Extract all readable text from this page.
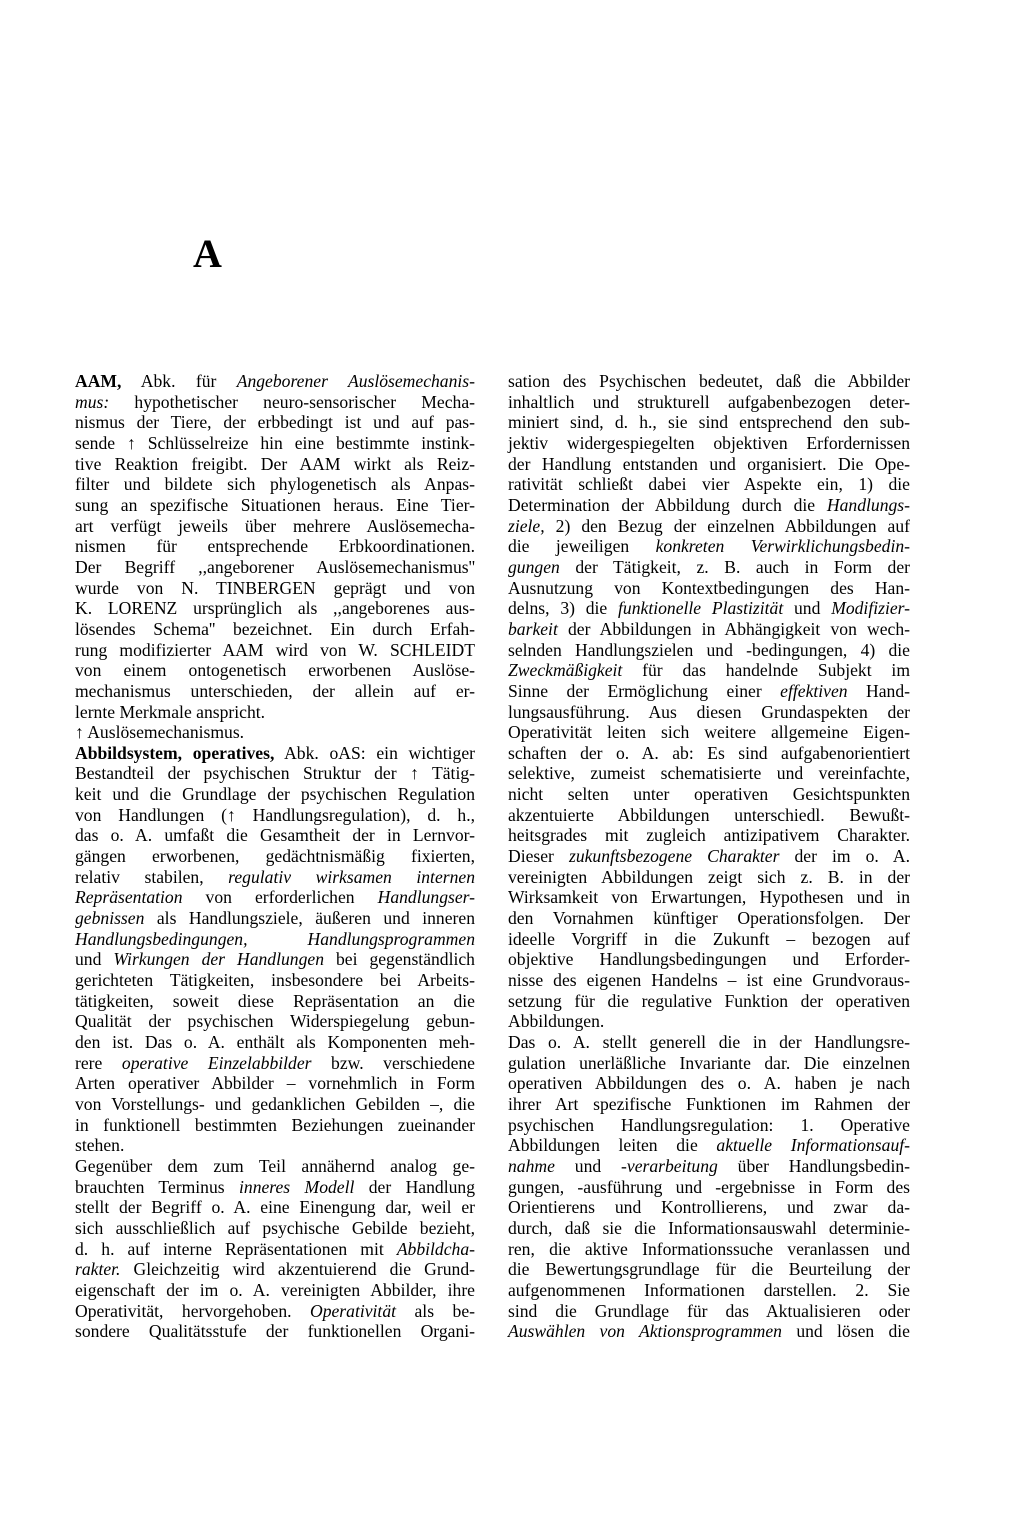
A
AAM, Abk. für Angeborener Auslösemechanis-
mus: hypothetischer neuro-sensorischer Mecha-
nismus der Tiere, der erbbedingt ist und auf pas-
sende ↑ Schlüsselreize hin eine bestimmte instink-
tive Reaktion freigibt. Der AAM wirkt als Reiz-
filter und bildete sich phylogenetisch als Anpas-
sung an spezifische Situationen heraus. Eine Tier-
art verfügt jeweils über mehrere Auslösemecha-
nismen für entsprechende Erbkoordinationen.
Der Begriff ,,angeborener Auslösemechanismus''
wurde von N. TINBERGEN geprägt und von
K. LORENZ ursprünglich als ,,angeborenes aus-
lösendes Schema'' bezeichnet. Ein durch Erfah-
rung modifizierter AAM wird von W. SCHLEIDT
von einem ontogenetisch erworbenen Auslöse-
mechanismus unterschieden, der allein auf er-
lernte Merkmale anspricht.
↑ Auslösemechanismus.
Abbildsystem, operatives, Abk. oAS: ein wichtiger
Bestandteil der psychischen Struktur der ↑ Tätig-
keit und die Grundlage der psychischen Regulation
von Handlungen (↑ Handlungsregulation), d. h.,
das o. A. umfaßt die Gesamtheit der in Lernvor-
gängen erworbenen, gedächtnismäßig fixierten,
relativ stabilen, regulativ wirksamen internen
Repräsentation von erforderlichen Handlungser-
gebnissen als Handlungsziele, äußeren und inneren
Handlungsbedingungen,	Handlungsprogrammen
und Wirkungen der Handlungen bei gegenständlich
gerichteten Tätigkeiten, insbesondere bei Arbeits-
tätigkeiten, soweit diese Repräsentation an die
Qualität der psychischen Widerspiegelung gebun-
den ist. Das o. A. enthält als Komponenten meh-
rere operative Einzelabbilder bzw. verschiedene
Arten operativer Abbilder – vornehmlich in Form
von Vorstellungs- und gedanklichen Gebilden –, die
in funktionell bestimmten Beziehungen zueinander
stehen.
Gegenüber dem zum Teil annähernd analog ge-
brauchten Terminus inneres Modell der Handlung
stellt der Begriff o. A. eine Einengung dar, weil er
sich ausschließlich auf psychische Gebilde bezieht,
d. h. auf interne Repräsentationen mit Abbildcha-
rakter. Gleichzeitig wird akzentuierend die Grund-
eigenschaft der im o. A. vereinigten Abbilder, ihre
Operativität, hervorgehoben. Operativität als be-
sondere Qualitätsstufe der funktionellen Organi-
sation des Psychischen bedeutet, daß die Abbilder
inhaltlich und strukturell aufgabenbezogen deter-
miniert sind, d. h., sie sind entsprechend den sub-
jektiv widergespiegelten objektiven Erfordernissen
der Handlung entstanden und organisiert. Die Ope-
rativität schließt dabei vier Aspekte ein, 1) die
Determination der Abbildung durch die Handlungs-
ziele, 2) den Bezug der einzelnen Abbildungen auf
die jeweiligen konkreten Verwirklichungsbedin-
gungen der Tätigkeit, z. B. auch in Form der
Ausnutzung von Kontextbedingungen des Han-
delns, 3) die funktionelle Plastizität und Modifizier-
barkeit der Abbildungen in Abhängigkeit von wech-
selnden Handlungszielen und -bedingungen, 4) die
Zweckmäßigkeit für das handelnde Subjekt im
Sinne der Ermöglichung einer effektiven Hand-
lungsausführung. Aus diesen Grundaspekten der
Operativität leiten sich weitere allgemeine Eigen-
schaften der o. A. ab: Es sind aufgabenorientiert
selektive, zumeist schematisierte und vereinfachte,
nicht selten unter operativen Gesichtspunkten
akzentuierte Abbildungen unterschiedl. Bewußt-
heitsgrades mit zugleich antizipativem Charakter.
Dieser zukunftsbezogene Charakter der im o. A.
vereinigten Abbildungen zeigt sich z. B. in der
Wirksamkeit von Erwartungen, Hypothesen und in
den Vornahmen künftiger Operationsfolgen. Der
ideelle Vorgriff in die Zukunft – bezogen auf
objektive Handlungsbedingungen und Erforder-
nisse des eigenen Handelns – ist eine Grundvoraus-
setzung für die regulative Funktion der operativen
Abbildungen.
Das o. A. stellt generell die in der Handlungsre-
gulation unerläßliche Invariante dar. Die einzelnen
operativen Abbildungen des o. A. haben je nach
ihrer Art spezifische Funktionen im Rahmen der
psychischen Handlungsregulation: 1. Operative
Abbildungen leiten die aktuelle Informationsauf-
nahme und -verarbeitung über Handlungsbedin-
gungen, -ausführung und -ergebnisse in Form des
Orientierens und Kontrollierens, und zwar da-
durch, daß sie die Informationsauswahl determinie-
ren, die aktive Informationssuche veranlassen und
die Bewertungsgrundlage für die Beurteilung der
aufgenommenen Informationen darstellen. 2. Sie
sind die Grundlage für das Aktualisieren oder
Auswählen von Aktionsprogrammen und lösen die
